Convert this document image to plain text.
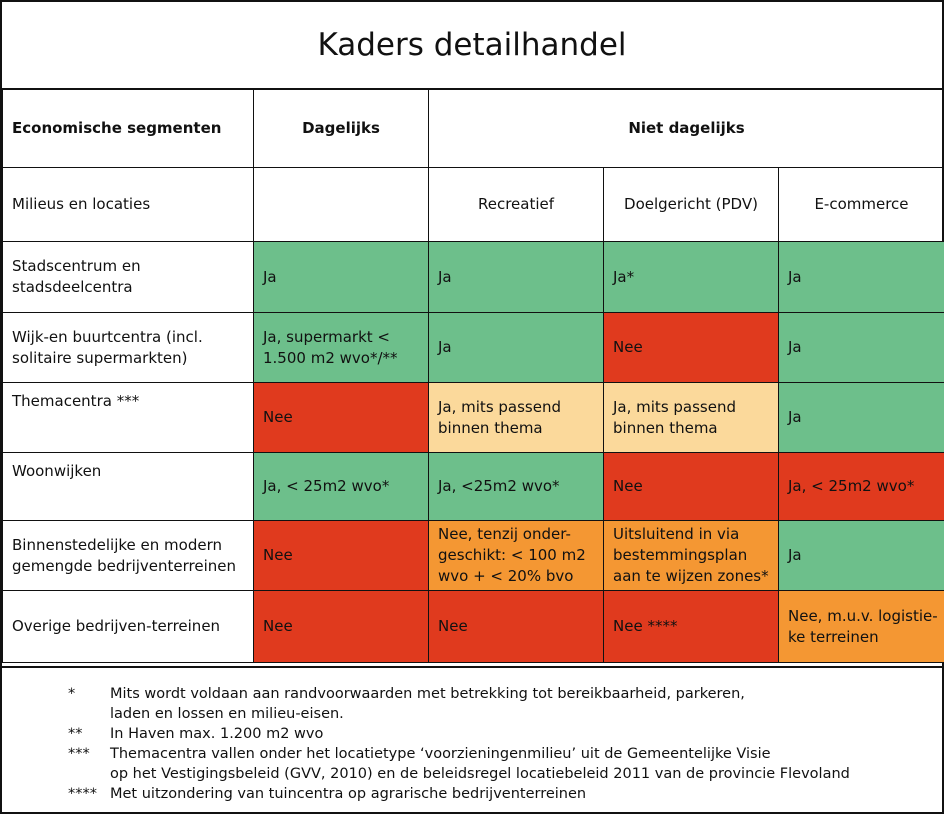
Kaders detailhandel
Economische segmenten	Dagelijks	Niet dagelijks		
Milieus en locaties		Recreatief	Doelgericht (PDV)	E-commerce
Stadscentrum en stadsdeelcentra	Ja	Ja	Ja*	Ja
Wijk-en buurtcentra (incl. solitaire supermarkten)	Ja, supermarkt < 1.500 m2 wvo*/**	Ja	Nee	Ja
Themacentra ***	Nee	Ja, mits passend binnen thema	Ja, mits passend binnen thema	Ja
Woonwijken	Ja, < 25m2 wvo*	Ja, <25m2 wvo*	Nee	Ja, < 25m2 wvo*
Binnenstedelijke en modern gemengde bedrijventerreinen	Nee	Nee, tenzij onder-geschikt: < 100 m2 wvo + < 20% bvo	Uitsluitend in via bestemmingsplan aan te wijzen zones*	Ja
Overige bedrijven-terreinen	Nee	Nee	Nee ****	Nee, m.u.v. logistie-ke terreinen
*	Mits wordt voldaan aan randvoorwaarden met betrekking tot bereikbaarheid, parkeren,
laden en lossen en milieu-eisen.
**	In Haven max. 1.200 m2 wvo
***	Themacentra vallen onder het locatietype ‘voorzieningenmilieu’ uit de Gemeentelijke Visie
op het Vestigingsbeleid (GVV, 2010) en de beleidsregel locatiebeleid 2011 van de provincie Flevoland
**** Met uitzondering van tuincentra op agrarische bedrijventerreinen
